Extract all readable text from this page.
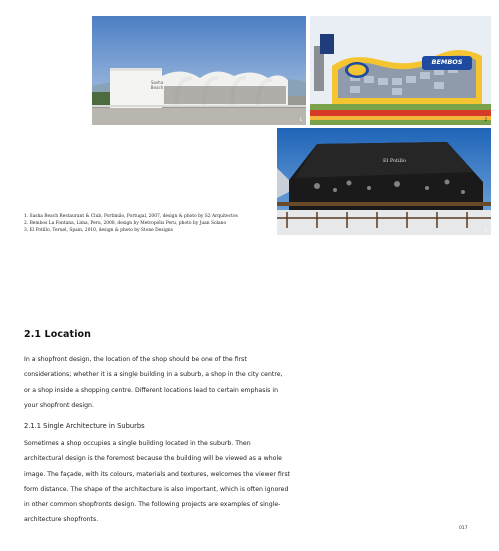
Sasha Beach
1
BEMBOS
2
El Potillo
3
1. Sasha Beach Restaurant & Club, Portimão, Portugal, 2007, design & photo by S2 Arquitectos
2. Bembos La Fontana, Lima, Peru, 2008, design by Metropolis Peru, photo by Juan Solano
3. El Potillo, Teruel, Spain, 2010, design & photo by Stone Designs
2.1 Location
In a shopfront design, the location of the shop should be one of the first considerations; whether it is a single building in a suburb, a shop in the city centre, or a shop inside a shopping centre. Different locations lead to certain emphasis in your shopfront design.
2.1.1 Single Architecture in Suburbs
Sometimes a shop occupies a single building located in the suburb. Then architectural design is the foremost because the building will be viewed as a whole image. The façade, with its colours, materials and textures, welcomes the viewer first form distance. The shape of the architecture is also important, which is often ignored in other common shopfronts design. The following projects are examples of single-architecture shopfronts.
017
